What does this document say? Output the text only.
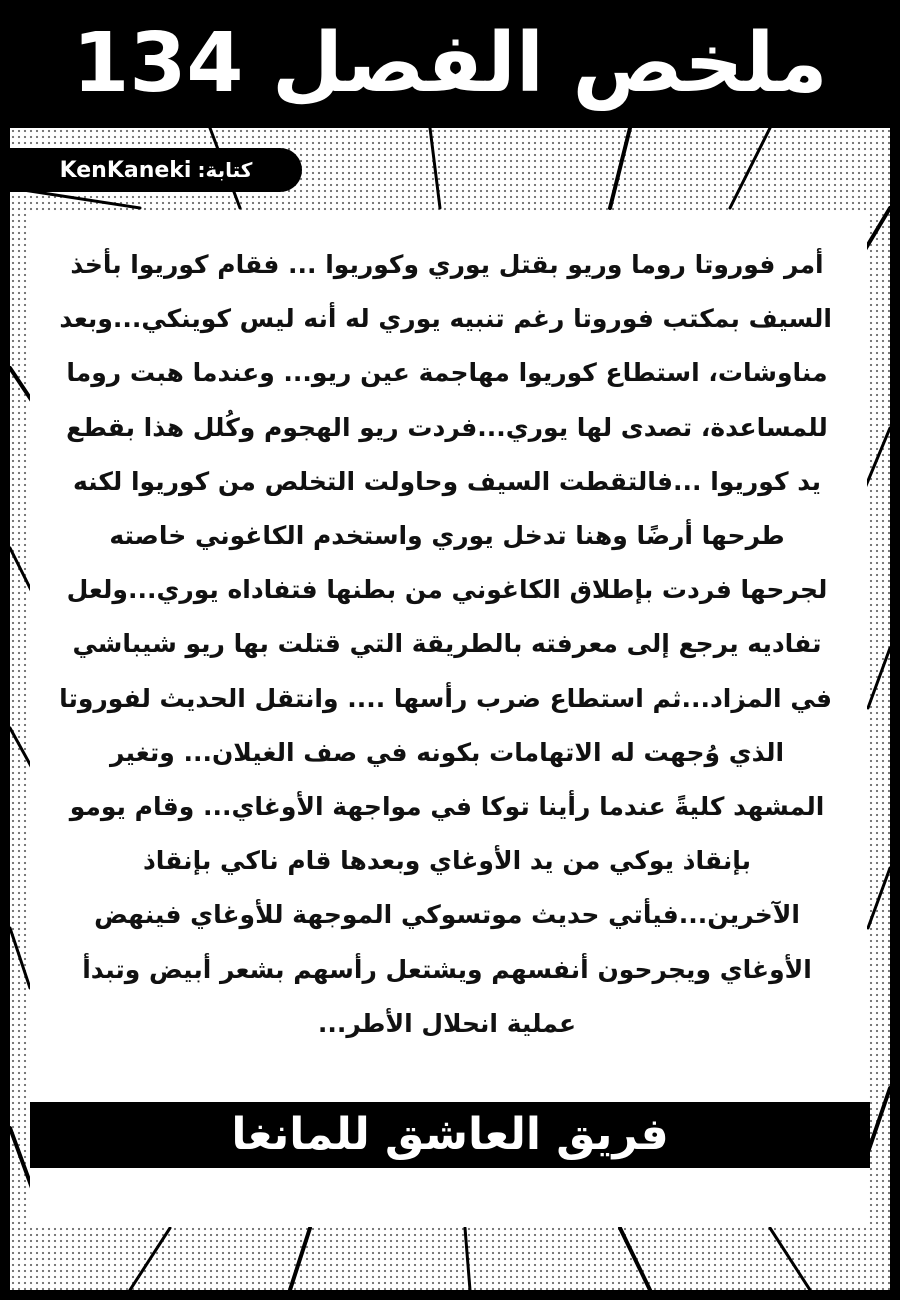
ملخص الفصل 134
كتابة:
KenKaneki
أمر فوروتا روما وريو بقتل يوري وكوريوا ... فقام كوريوا بأخذ
السيف بمكتب فوروتا رغم تنبيه يوري له أنه ليس كوينكي...وبعد
مناوشات، استطاع كوريوا مهاجمة عين ريو... وعندما هبت روما
للمساعدة، تصدى لها يوري...فردت ريو الهجوم وكُلل هذا بقطع
يد كوريوا ...فالتقطت السيف وحاولت التخلص من كوريوا لكنه
طرحها أرضًا وهنا تدخل يوري واستخدم الكاغوني خاصته
لجرحها فردت بإطلاق الكاغوني من بطنها فتفاداه يوري...ولعل
تفاديه يرجع إلى معرفته بالطريقة التي قتلت بها ريو شيباشي
في المزاد...ثم استطاع ضرب رأسها .... وانتقل الحديث لفوروتا
الذي وُجهت له الاتهامات بكونه في صف الغيلان... وتغير
المشهد كليةً عندما رأينا توكا في مواجهة الأوغاي... وقام يومو
بإنقاذ يوكي من يد الأوغاي وبعدها قام ناكي بإنقاذ
الآخرين...فيأتي حديث موتسوكي الموجهة للأوغاي فينهض
الأوغاي ويجرحون أنفسهم ويشتعل رأسهم بشعر أبيض وتبدأ
عملية انحلال الأطر...
فريق العاشق للمانغا
